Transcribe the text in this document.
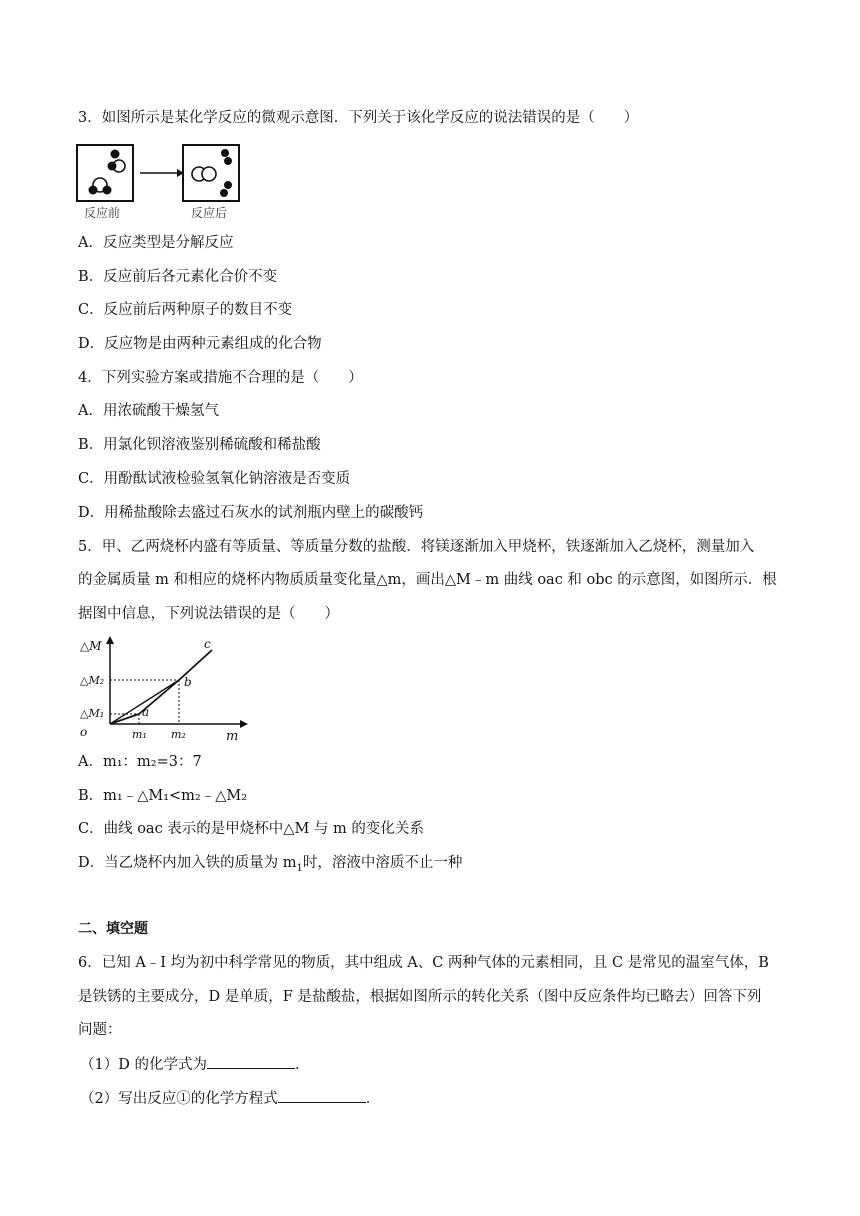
3．如图所示是某化学反应的微观示意图．下列关于该化学反应的说法错误的是（　　）
反应前	反应后
A．反应类型是分解反应
B．反应前后各元素化合价不变
C．反应前后两种原子的数目不变
D．反应物是由两种元素组成的化合物
4．下列实验方案或措施不合理的是（　　）
A．用浓硫酸干燥氢气
B．用氯化钡溶液鉴别稀硫酸和稀盐酸
C．用酚酞试液检验氢氧化钠溶液是否变质
D．用稀盐酸除去盛过石灰水的试剂瓶内壁上的碳酸钙
5．甲、乙两烧杯内盛有等质量、等质量分数的盐酸．将镁逐渐加入甲烧杯，铁逐渐加入乙烧杯，测量加入
的金属质量 m 和相应的烧杯内物质质量变化量△m，画出△M﹣m 曲线 oac 和 obc 的示意图，如图所示．根
据图中信息，下列说法错误的是（　　）
△M
△M₂
△M₁
o	m₁ m₂	m
a
b
c
A．m₁：m₂=3：7
B．m₁﹣△M₁<m₂﹣△M₂
C．曲线 oac 表示的是甲烧杯中△M 与 m 的变化关系
D．当乙烧杯内加入铁的质量为 $m_1$时，溶液中溶质不止一种
二、填空题
6．已知 A﹣I 均为初中科学常见的物质，其中组成 A、C 两种气体的元素相同，且 C 是常见的温室气体，B
是铁锈的主要成分，D 是单质，F 是盐酸盐，根据如图所示的转化关系（图中反应条件均已略去）回答下列
问题：
（1）D 的化学式为	．
（2）写出反应①的化学方程式	．
